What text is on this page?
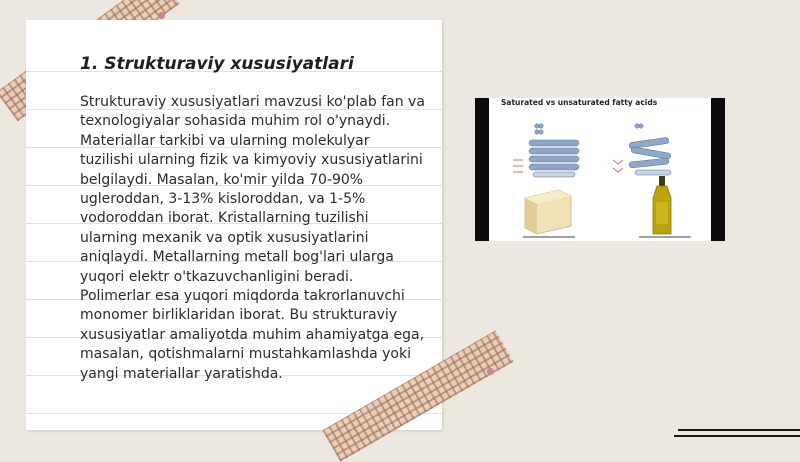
1. Strukturaviy xususiyatlari

Strukturaviy xususiyatlari mavzusi ko'plab fan va texnologiyalar sohasida muhim rol o'ynaydi. Materiallar tarkibi va ularning molekulyar tuzilishi ularning fizik va kimyoviy xususiyatlarini belgilaydi. Masalan, ko'mir yilda 70-90% ugleroddan, 3-13% kisloroddan, va 1-5% vodoroddan iborat. Kristallarning tuzilishi ularning mexanik va optik xususiyatlarini aniqlaydi. Metallarning metall bog'lari ularga yuqori elektr o'tkazuvchanligini beradi. Polimerlar esa yuqori miqdorda takrorlanuvchi monomer birliklaridan iborat. Bu strukturaviy xususiyatlar amaliyotda muhim ahamiyatga ega, masalan, qotishmalarni mustahkamlashda yoki yangi materiallar yaratishda.

Saturated vs unsaturated fatty acids
